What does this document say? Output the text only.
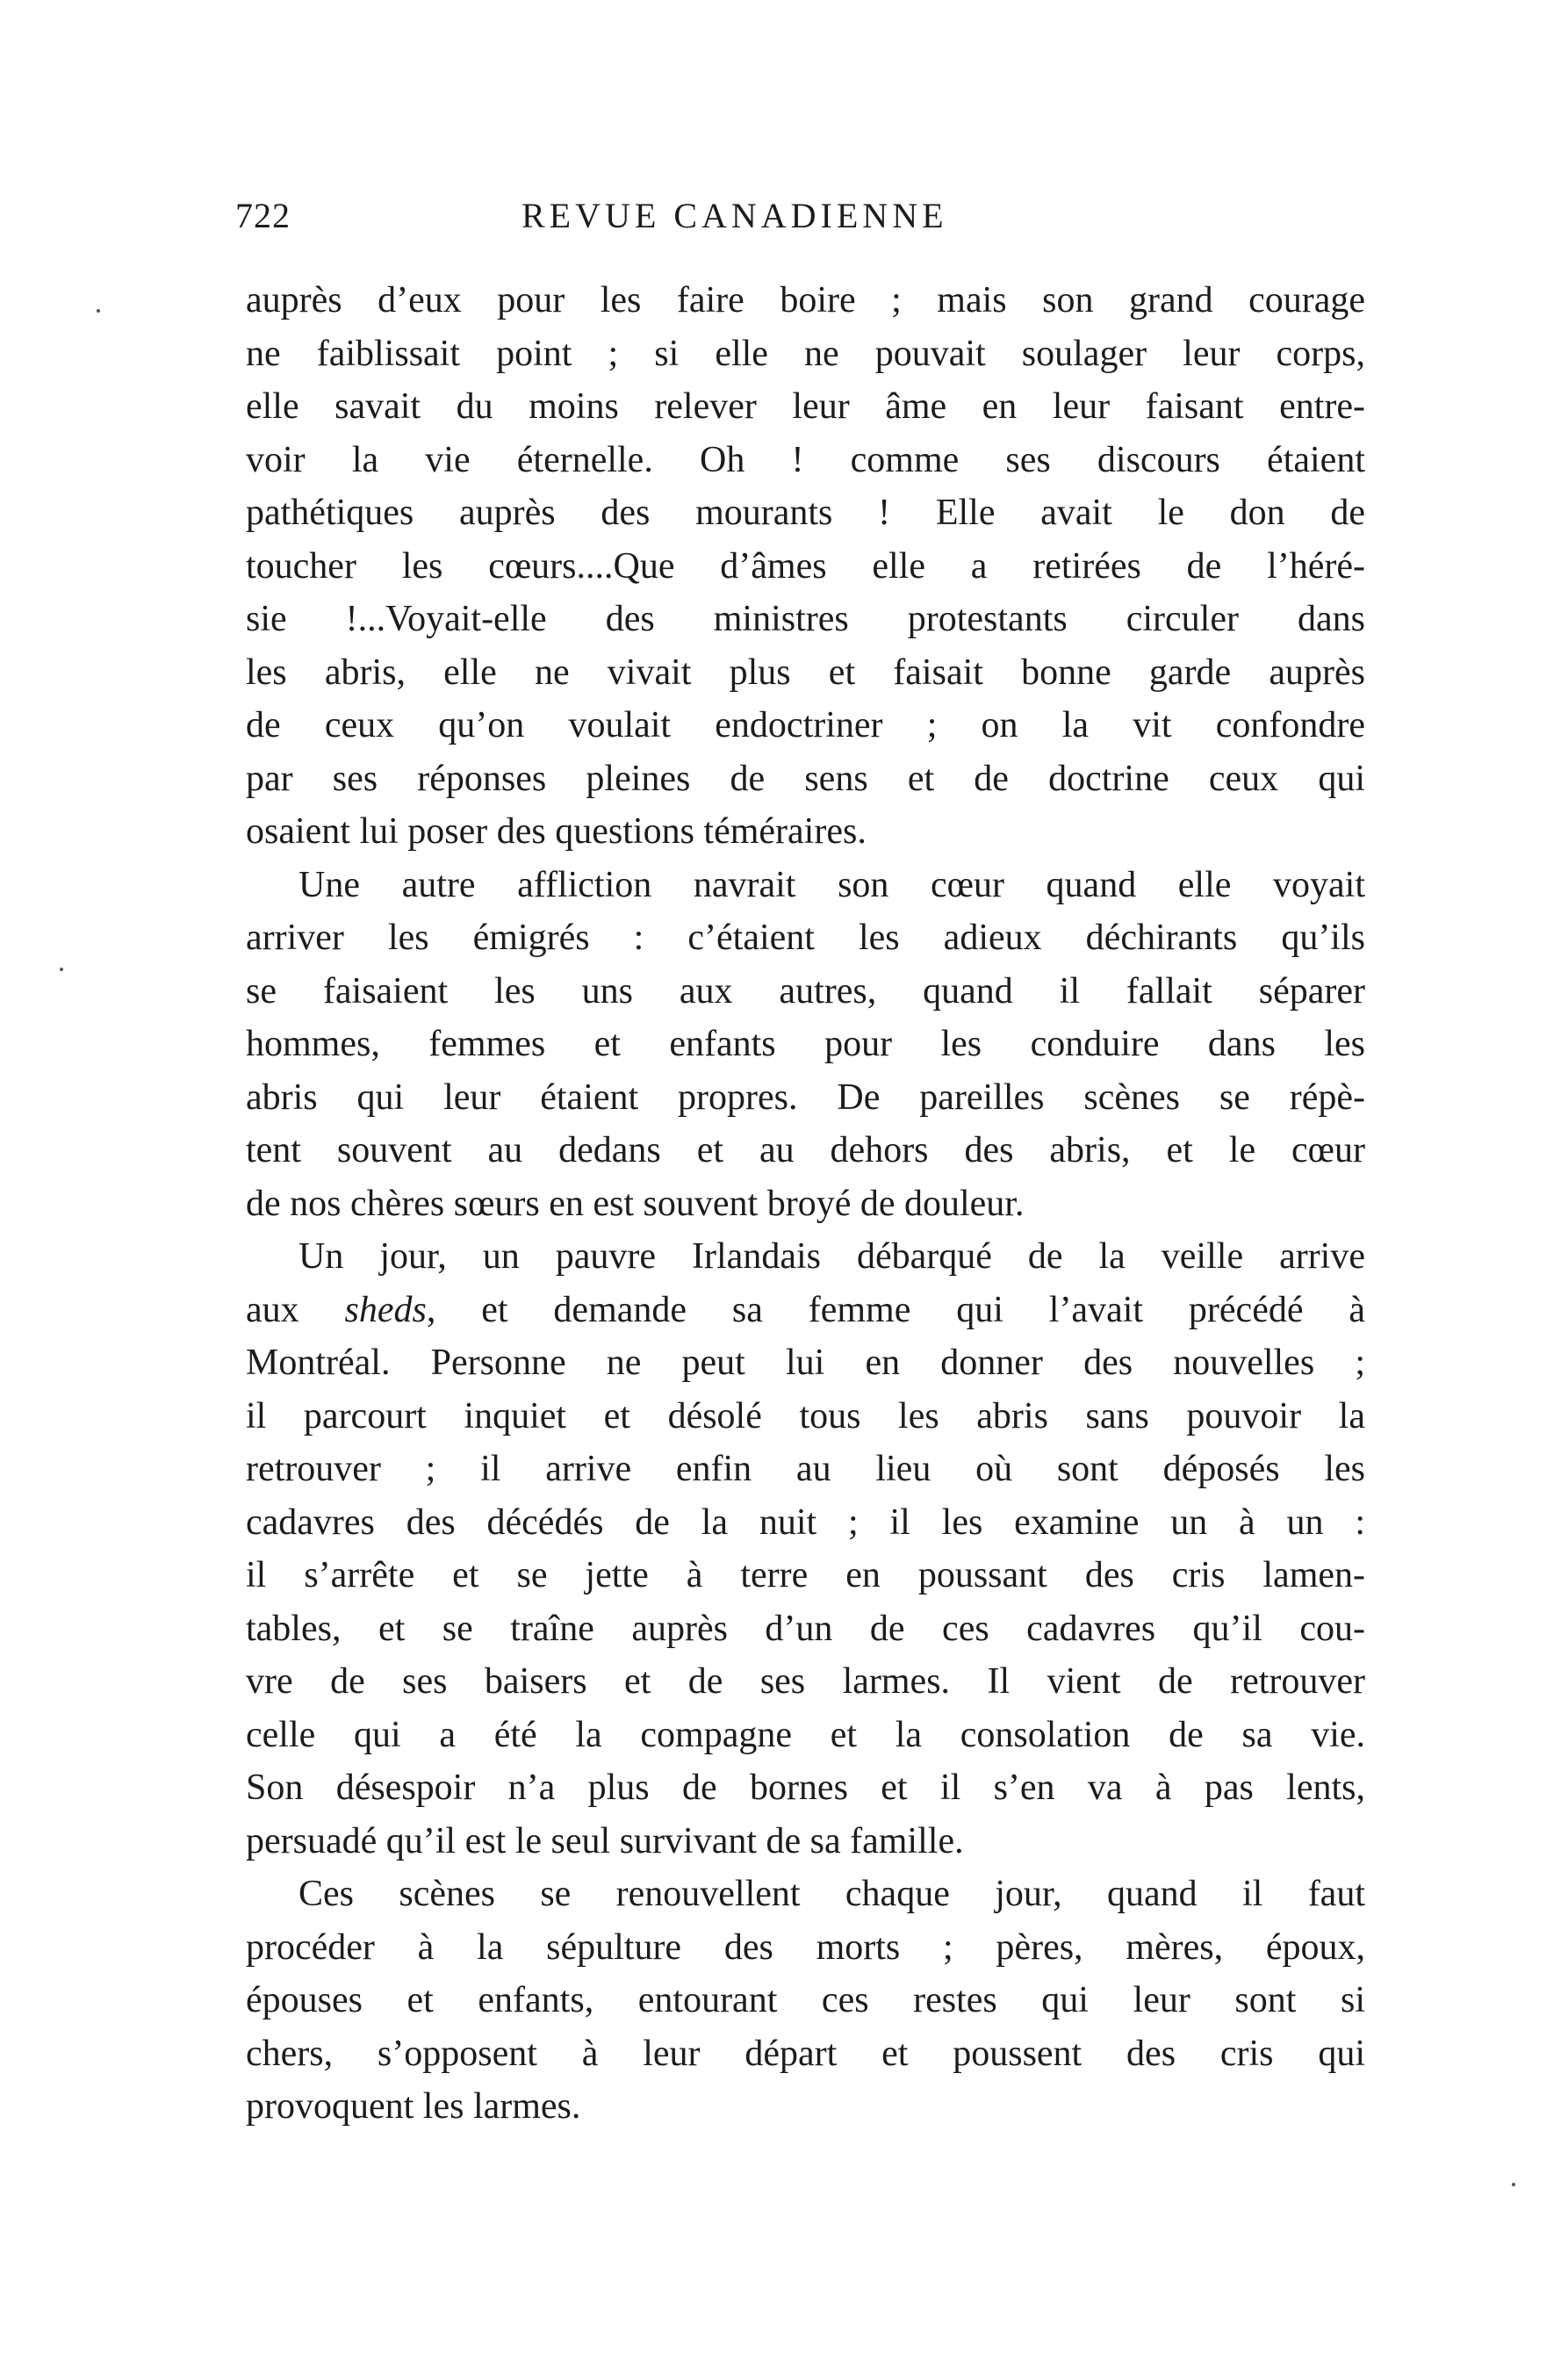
722	REVUE CANADIENNE
auprès d’eux pour les faire boire ; mais son grand courage
ne faiblissait point ; si elle ne pouvait soulager leur corps,
elle savait du moins relever leur âme en leur faisant entre-
voir la vie éternelle. Oh ! comme ses discours étaient
pathétiques auprès des mourants ! Elle avait le don de
toucher les cœurs....Que d’âmes elle a retirées de l’héré-
sie !...Voyait-elle des ministres protestants circuler dans
les abris, elle ne vivait plus et faisait bonne garde auprès
de ceux qu’on voulait endoctriner ; on la vit confondre
par ses réponses pleines de sens et de doctrine ceux qui
osaient lui poser des questions téméraires.
Une autre affliction navrait son cœur quand elle voyait
arriver les émigrés : c’étaient les adieux déchirants qu’ils
se faisaient les uns aux autres, quand il fallait séparer
hommes, femmes et enfants pour les conduire dans les
abris qui leur étaient propres. De pareilles scènes se répè-
tent souvent au dedans et au dehors des abris, et le cœur
de nos chères sœurs en est souvent broyé de douleur.
Un jour, un pauvre Irlandais débarqué de la veille arrive
aux sheds, et demande sa femme qui l’avait précédé à
Montréal. Personne ne peut lui en donner des nouvelles ;
il parcourt inquiet et désolé tous les abris sans pouvoir la
retrouver ; il arrive enfin au lieu où sont déposés les
cadavres des décédés de la nuit ; il les examine un à un :
il s’arrête et se jette à terre en poussant des cris lamen-
tables, et se traîne auprès d’un de ces cadavres qu’il cou-
vre de ses baisers et de ses larmes. Il vient de retrouver
celle qui a été la compagne et la consolation de sa vie.
Son désespoir n’a plus de bornes et il s’en va à pas lents,
persuadé qu’il est le seul survivant de sa famille.
Ces scènes se renouvellent chaque jour, quand il faut
procéder à la sépulture des morts ; pères, mères, époux,
épouses et enfants, entourant ces restes qui leur sont si
chers, s’opposent à leur départ et poussent des cris qui
provoquent les larmes.
